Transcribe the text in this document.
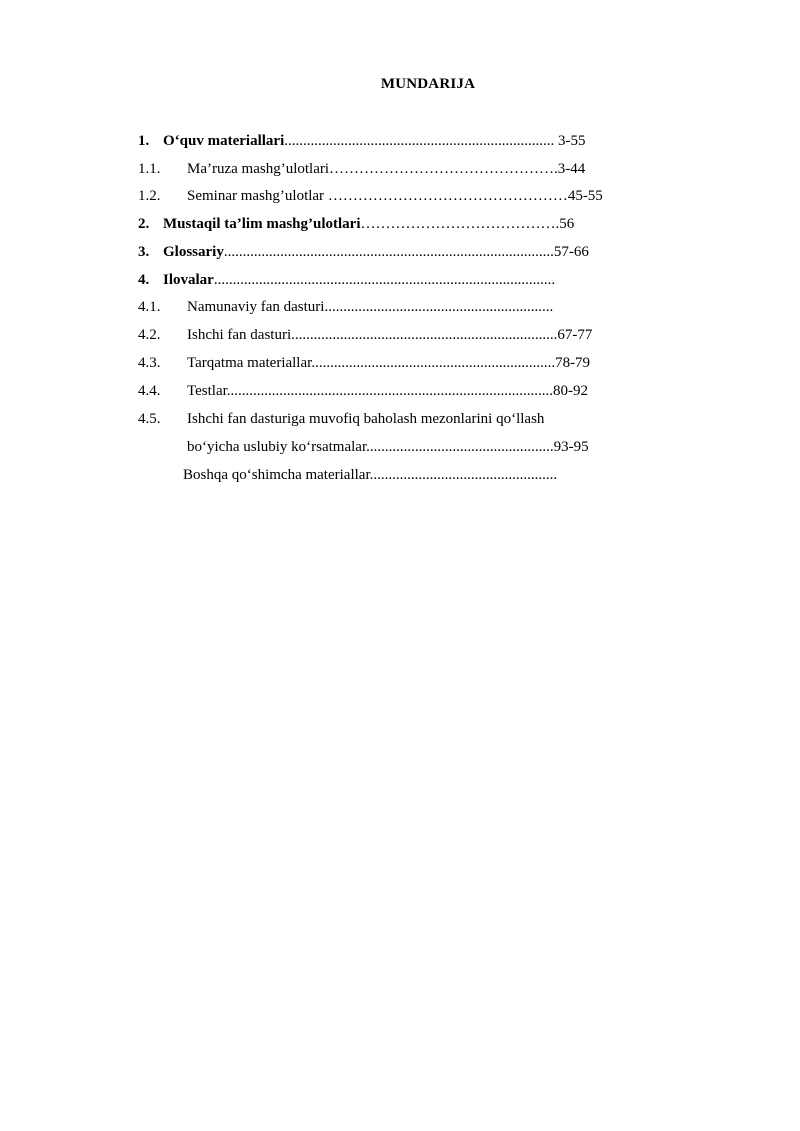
MUNDARIJA
1. O‘quv materiallari........................................................................ 3-55
1.1. Ma’ruza mashg’ulotlari……………………………………….3-44
1.2. Seminar mashg’ulotlar …………………………………………45-55
2. Mustaqil ta’lim mashg’ulotlari………………………………….56
3. Glossariy........................................................................................57-66
4. Ilovalar...........................................................................................
4.1. Namunaviy fan dasturi.............................................................
4.2. Ishchi fan dasturi.......................................................................67-77
4.3. Tarqatma materiallar.................................................................78-79
4.4. Testlar.......................................................................................80-92
4.5. Ishchi fan dasturiga muvofiq baholash mezonlarini qo‘llash
bo‘yicha uslubiy ko‘rsatmalar..................................................93-95
Boshqa qo‘shimcha materiallar..................................................
